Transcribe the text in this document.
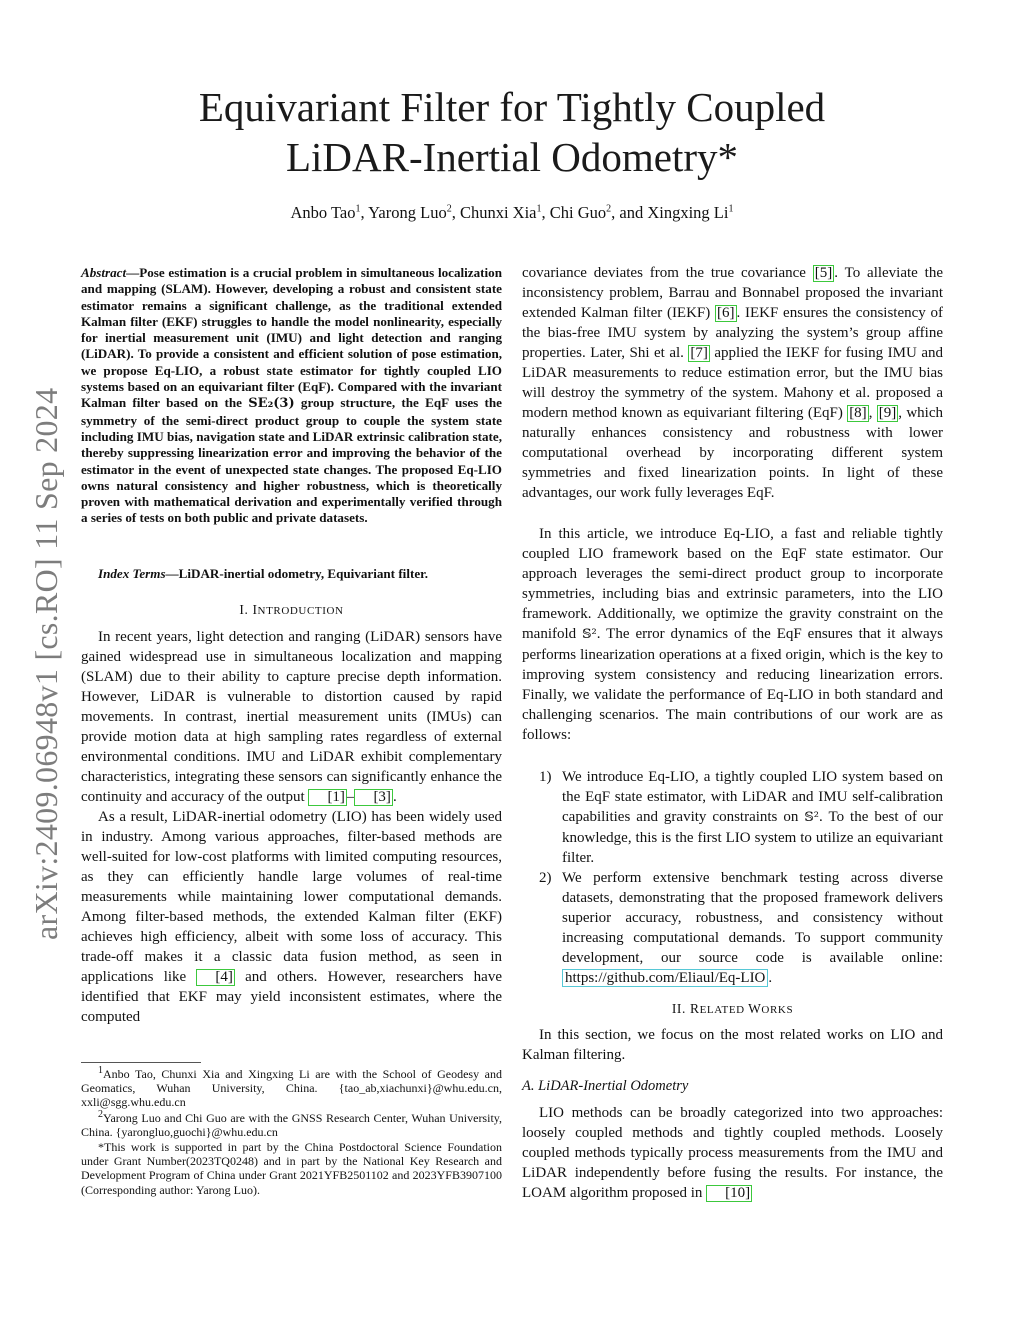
Equivariant Filter for Tightly Coupled
LiDAR-Inertial Odometry*
Anbo Tao$^1$, Yarong Luo$^2$, Chunxi Xia$^1$, Chi Guo$^2$, and Xingxing Li$^1$
arXiv:2409.06948v1 [cs.RO] 11 Sep 2024
Abstract—Pose estimation is a crucial problem in simultaneous localization and mapping (SLAM). However, developing a robust and consistent state estimator remains a significant challenge, as the traditional extended Kalman filter (EKF) struggles to handle the model nonlinearity, especially for inertial measurement unit (IMU) and light detection and ranging (LiDAR). To provide a consistent and efficient solution of pose estimation, we propose Eq-LIO, a robust state estimator for tightly coupled LIO systems based on an equivariant filter (EqF). Compared with the invariant Kalman filter based on the SE₂(3) group structure, the EqF uses the symmetry of the semi-direct product group to couple the system state including IMU bias, navigation state and LiDAR extrinsic calibration state, thereby suppressing linearization error and improving the behavior of the estimator in the event of unexpected state changes. The proposed Eq-LIO owns natural consistency and higher robustness, which is theoretically proven with mathematical derivation and experimentally verified through a series of tests on both public and private datasets.
Index Terms—LiDAR-inertial odometry, Equivariant filter.
I. INTRODUCTION

In recent years, light detection and ranging (LiDAR) sensors have gained widespread use in simultaneous localization and mapping (SLAM) due to their ability to capture precise depth information. However, LiDAR is vulnerable to distortion caused by rapid movements. In contrast, inertial measurement units (IMUs) can provide motion data at high sampling rates regardless of external environmental conditions. IMU and LiDAR exhibit complementary characteristics, integrating these sensors can significantly enhance the continuity and accuracy of the output [1] – [3] .

As a result, LiDAR-inertial odometry (LIO) has been widely used in industry. Among various approaches, filter-based methods are well-suited for low-cost platforms with limited computing resources, as they can efficiently handle large volumes of real-time measurements while maintaining lower computational demands. Among filter-based methods, the extended Kalman filter (EKF) achieves high efficiency, albeit with some loss of accuracy. This trade-off makes it a classic data fusion method, as seen in applications like [4] and others. However, researchers have identified that EKF may yield inconsistent estimates, where the computed

$^1$Anbo Tao, Chunxi Xia and Xingxing Li are with the School of Geodesy and Geomatics, Wuhan University, China. {tao_ab,xiachunxi}@whu.edu.cn, xxli@sgg.whu.edu.cn
$^2$Yarong Luo and Chi Guo are with the GNSS Research Center, Wuhan University, China. {yarongluo,guochi}@whu.edu.cn
*This work is supported in part by the China Postdoctoral Science Foundation under Grant Number(2023TQ0248) and in part by the National Key Research and Development Program of China under Grant 2021YFB2501102 and 2023YFB3907100 (Corresponding author: Yarong Luo).

covariance deviates from the true covariance [5] . To alleviate the inconsistency problem, Barrau and Bonnabel proposed the invariant extended Kalman filter (IEKF) [6] . IEKF ensures the consistency of the bias-free IMU system by analyzing the system’s group affine properties. Later, Shi et al. [7] applied the IEKF for fusing IMU and LiDAR measurements to reduce estimation error, but the IMU bias will destroy the symmetry of the system. Mahony et al. proposed a modern method known as equivariant filtering (EqF) [8] , [9] , which naturally enhances consistency and robustness with lower computational overhead by incorporating different system symmetries and fixed linearization points. In light of these advantages, our work fully leverages EqF.

In this article, we introduce Eq-LIO, a fast and reliable tightly coupled LIO framework based on the EqF state estimator. Our approach leverages the semi-direct product group to incorporate symmetries, including bias and extrinsic parameters, into the LIO framework. Additionally, we optimize the gravity constraint on the manifold 𝕊². The error dynamics of the EqF ensures that it always performs linearization operations at a fixed origin, which is the key to improving system consistency and reducing linearization errors. Finally, we validate the performance of Eq-LIO in both standard and challenging scenarios. The main contributions of our work are as follows:

1) We introduce Eq-LIO, a tightly coupled LIO system based on the EqF state estimator, with LiDAR and IMU self-calibration capabilities and gravity constraints on 𝕊². To the best of our knowledge, this is the first LIO system to utilize an equivariant filter.
2) We perform extensive benchmark testing across diverse datasets, demonstrating that the proposed framework delivers superior accuracy, robustness, and consistency without increasing computational demands. To support community development, our source code is available online: https://github.com/Eliaul/Eq-LIO .
II. RELATED WORKS

In this section, we focus on the most related works on LIO and Kalman filtering.

A. LiDAR-Inertial Odometry

LIO methods can be broadly categorized into two approaches: loosely coupled methods and tightly coupled methods. Loosely coupled methods typically process measurements from the IMU and LiDAR independently before fusing the results. For instance, the LOAM algorithm proposed in [10]
